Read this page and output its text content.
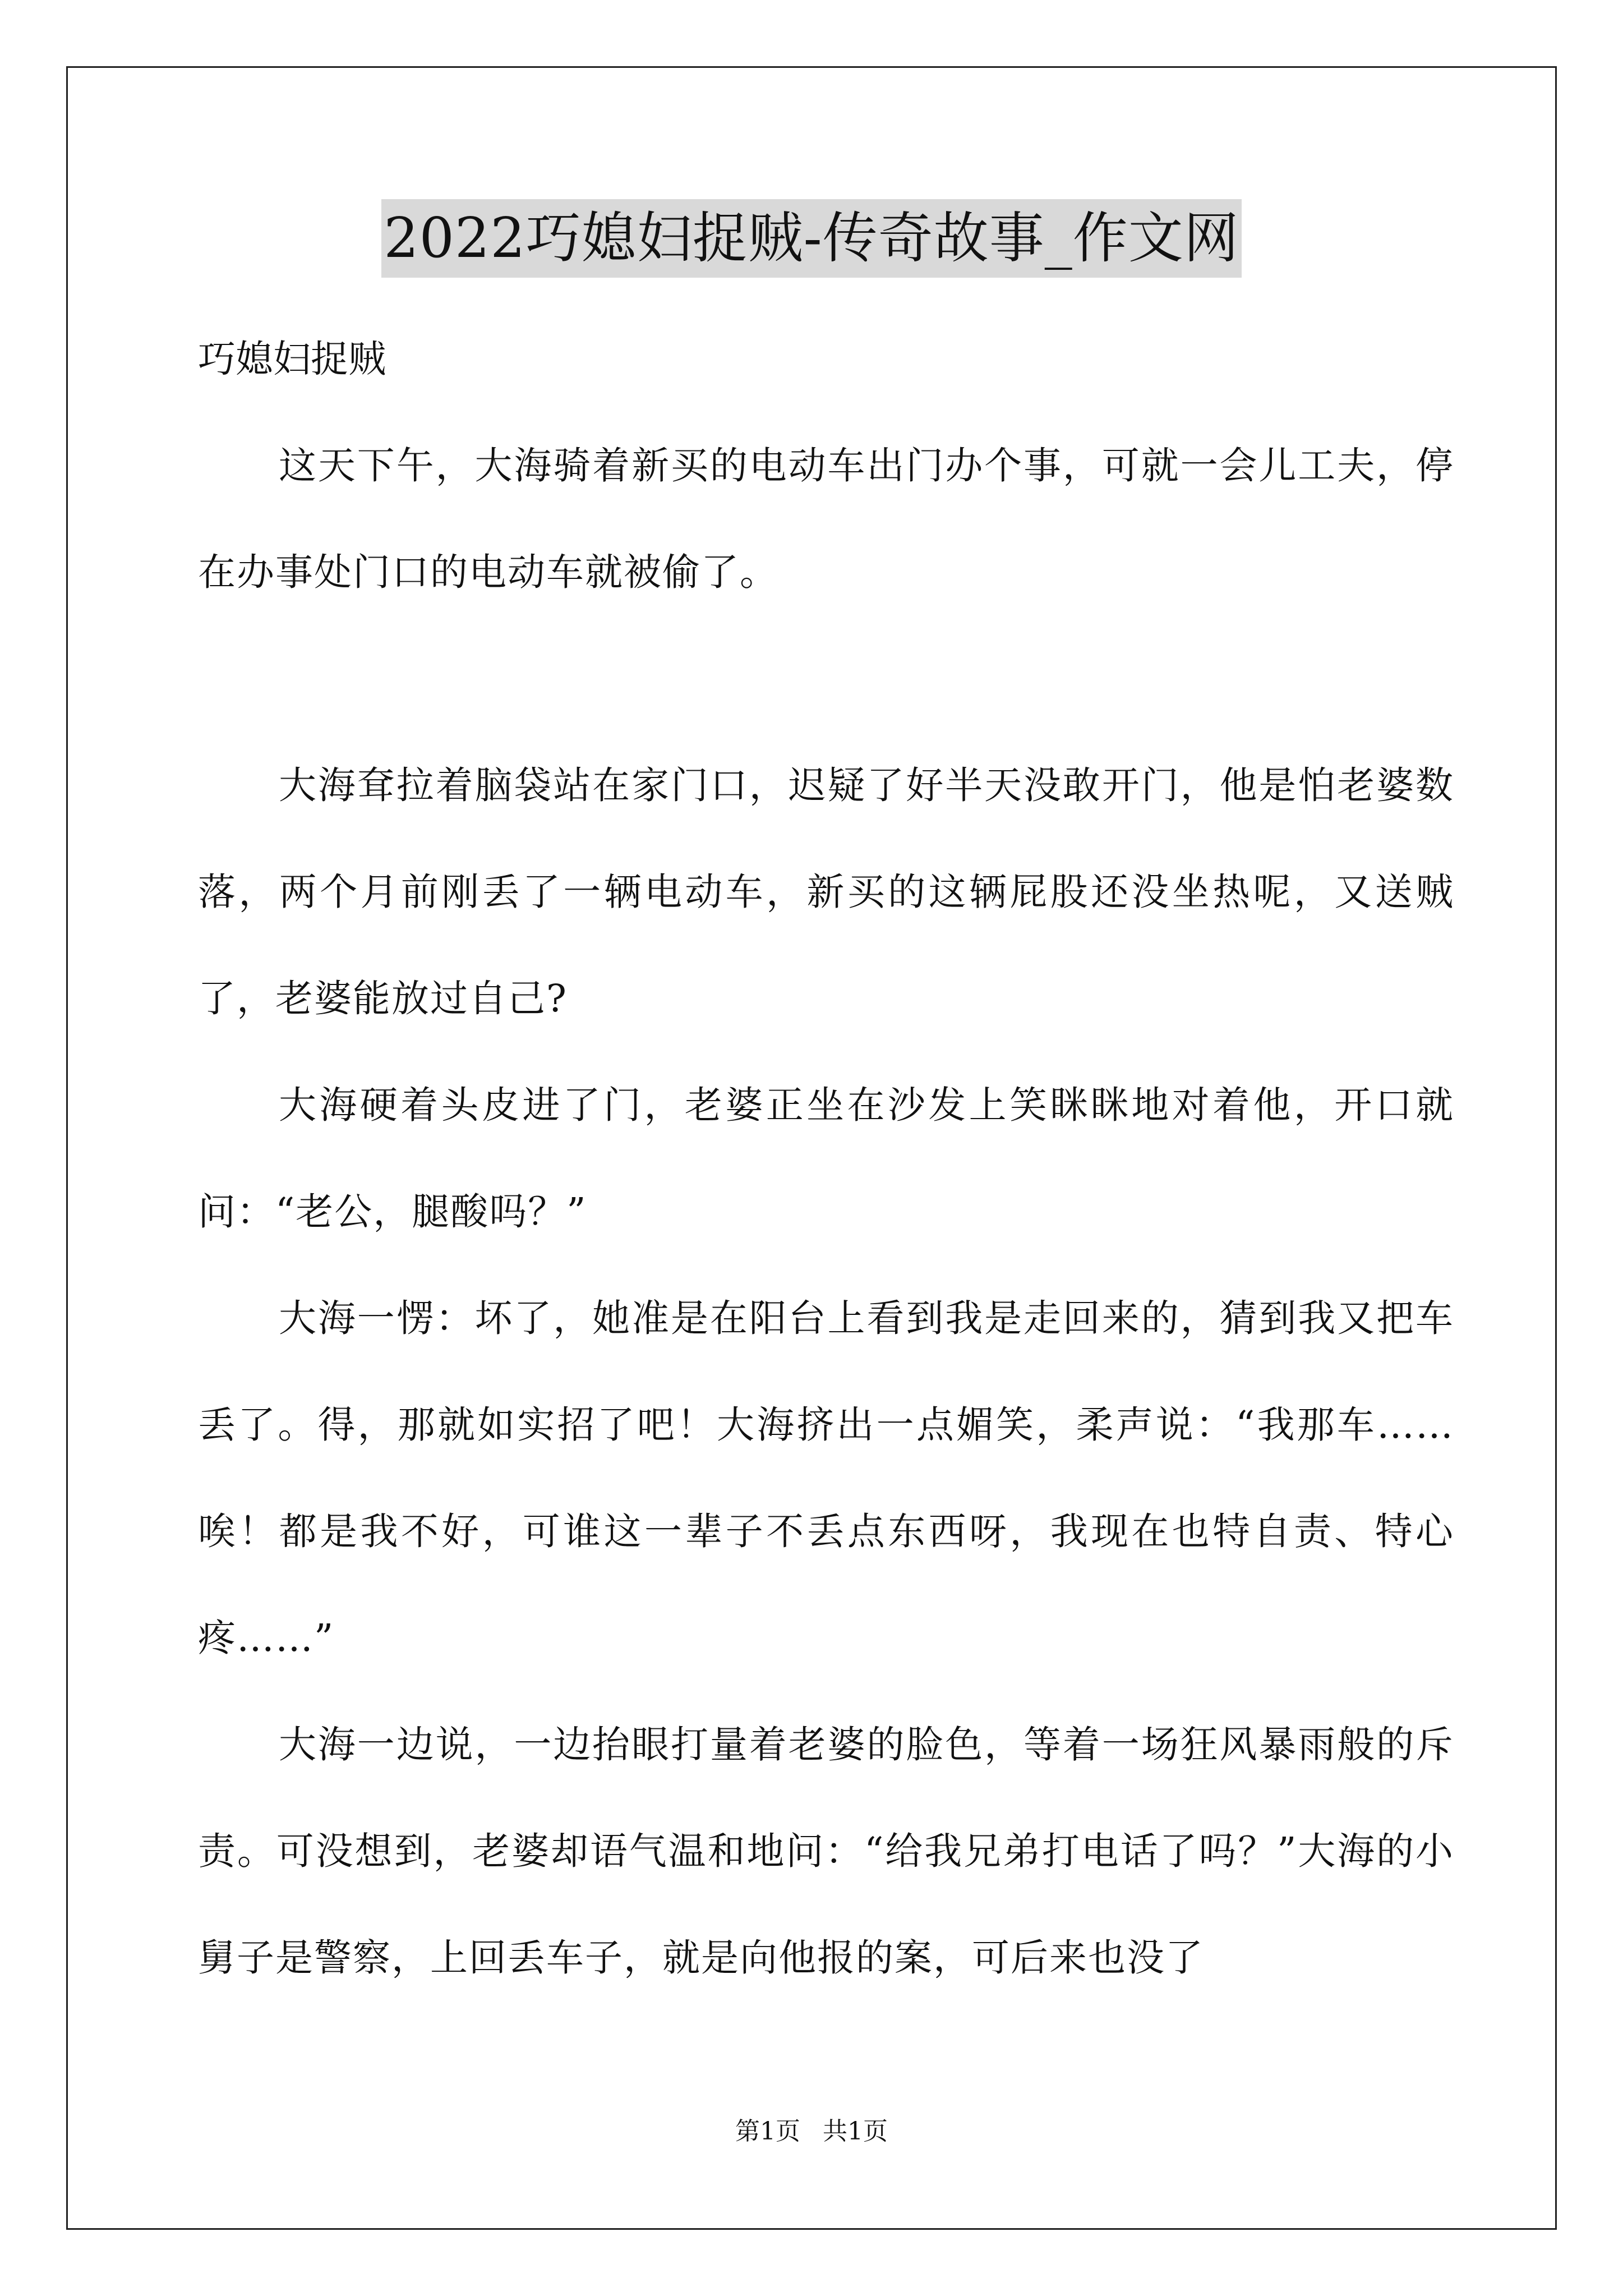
2022巧媳妇捉贼-传奇故事_作文网

巧媳妇捉贼

这天下午，大海骑着新买的电动车出门办个事，可就一会儿工夫，停在办事处门口的电动车就被偷了。

大海耷拉着脑袋站在家门口，迟疑了好半天没敢开门，他是怕老婆数落，两个月前刚丢了一辆电动车，新买的这辆屁股还没坐热呢，又送贼了，老婆能放过自己?

大海硬着头皮进了门，老婆正坐在沙发上笑眯眯地对着他，开口就问：“老公，腿酸吗？”

大海一愣：坏了，她准是在阳台上看到我是走回来的，猜到我又把车丢了。得，那就如实招了吧！大海挤出一点媚笑，柔声说：“我那车……唉！都是我不好，可谁这一辈子不丢点东西呀，我现在也特自责、特心疼……”

大海一边说，一边抬眼打量着老婆的脸色，等着一场狂风暴雨般的斥责。可没想到，老婆却语气温和地问：“给我兄弟打电话了吗？”大海的小舅子是警察，上回丢车子，就是向他报的案，可后来也没了

第1页 共1页
